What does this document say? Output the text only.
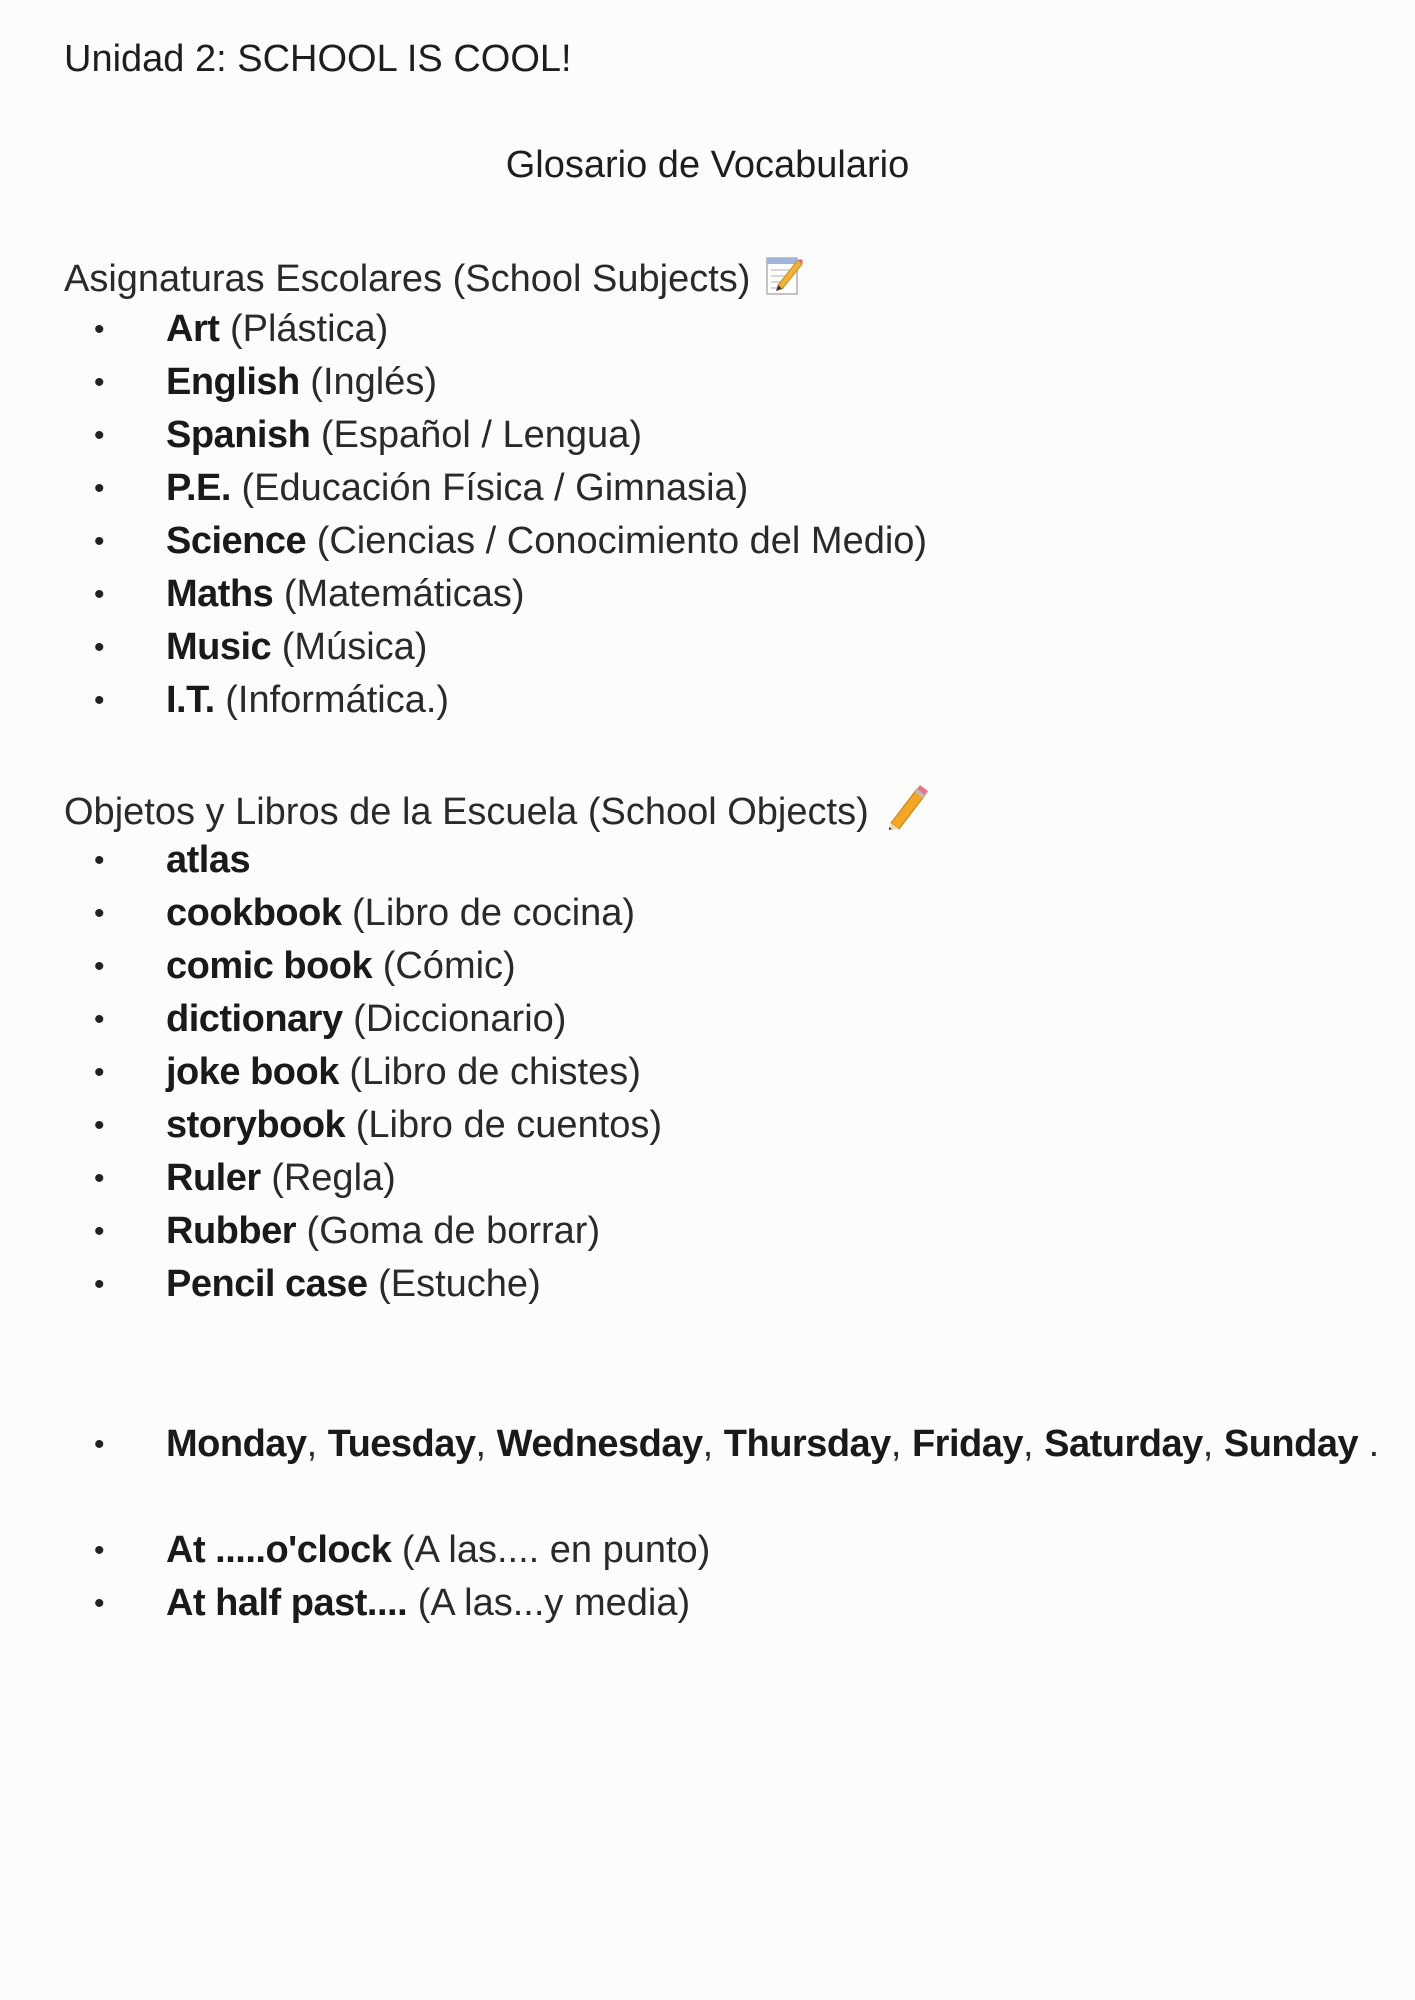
Unidad 2: SCHOOL IS COOL!
Glosario de Vocabulario
Asignaturas Escolares (School Subjects)
• Art (Plástica)
• English (Inglés)
• Spanish (Español / Lengua)
• P.E. (Educación Física / Gimnasia)
• Science (Ciencias / Conocimiento del Medio)
• Maths (Matemáticas)
• Music (Música)
• I.T. (Informática.)
Objetos y Libros de la Escuela (School Objects)
• atlas
• cookbook (Libro de cocina)
• comic book (Cómic)
• dictionary (Diccionario)
• joke book (Libro de chistes)
• storybook (Libro de cuentos)
• Ruler (Regla)
• Rubber (Goma de borrar)
• Pencil case (Estuche)
• Monday, Tuesday, Wednesday, Thursday, Friday, Saturday, Sunday .
• At .....o'clock (A las.... en punto)
• At half past.... (A las...y media)
